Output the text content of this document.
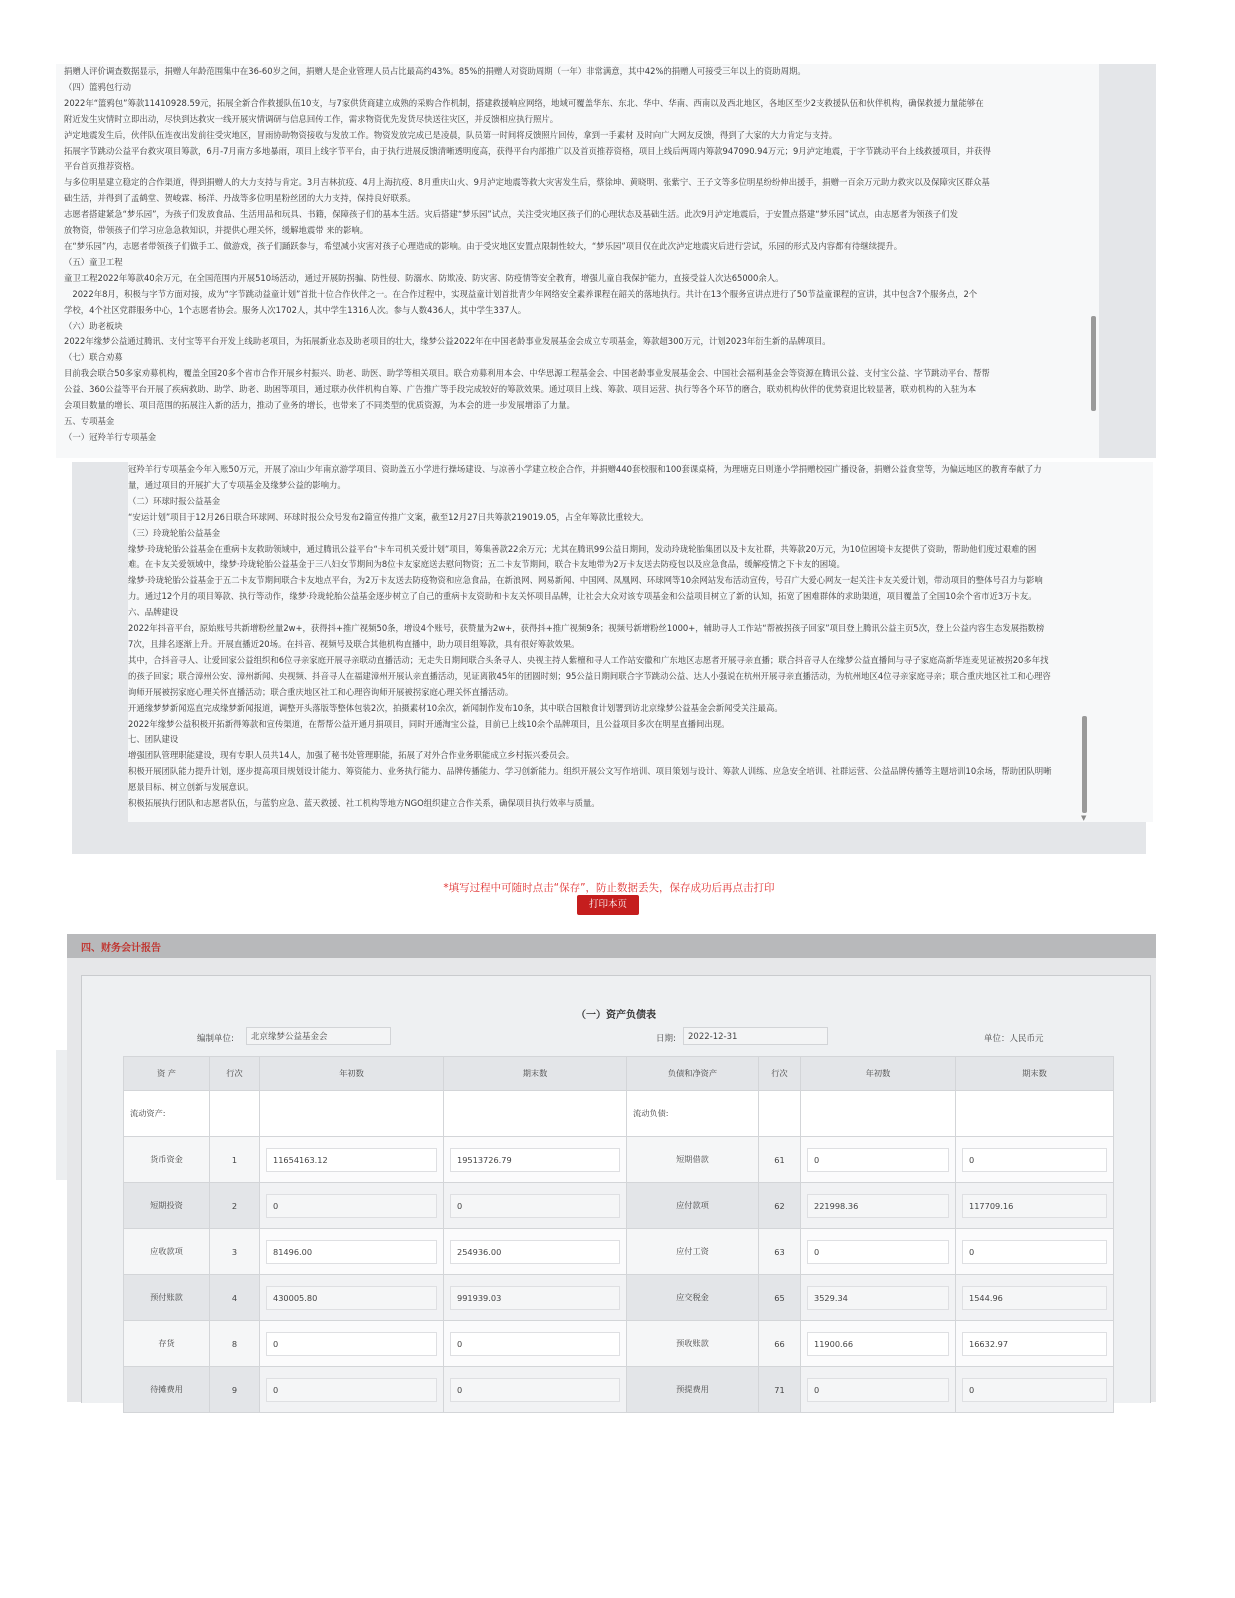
捐赠人评价调查数据显示，捐赠人年龄范围集中在36-60岁之间，捐赠人是企业管理人员占比最高约43%。85%的捐赠人对资助周期（一年）非常满意，其中42%的捐赠人可接受三年以上的资助周期。

（四）篮鸦包行动

2022年“篮鸦包”筹款11410928.59元，拓展全新合作救援队伍10支，与7家供货商建立成熟的采购合作机制，搭建救援响应网络，地域可覆盖华东、东北、华中、华南、西南以及西北地区，各地区至少2支救援队伍和伙伴机构，确保救援力量能够在

附近发生灾情时立即出动，尽快到达救灾一线开展灾情调研与信息回传工作，需求物资优先发货尽快送往灾区，并反馈相应执行照片。

泸定地震发生后，伙伴队伍连夜出发前往受灾地区，冒雨协助物资接收与发放工作。物资发放完成已是凌晨，队员第一时间将反馈照片回传，拿到一手素材 及时向广大网友反馈，得到了大家的大力肯定与支持。

拓展字节跳动公益平台救灾项目筹款，6月-7月南方多地暴雨，项目上线字节平台，由于执行进展反馈清晰透明度高，获得平台内部推广以及首页推荐资格，项目上线后两周内筹款947090.94万元；9月泸定地震，于字节跳动平台上线救援项目，并获得

平台首页推荐资格。

与多位明星建立稳定的合作渠道，得到捐赠人的大力支持与肯定。3月吉林抗疫、4月上海抗疫、8月重庆山火、9月泸定地震等救大灾害发生后，蔡徐坤、黄晓明、张紫宁、王子文等多位明星纷纷伸出援手，捐赠一百余万元助力救灾以及保障灾区群众基

础生活，并得到了孟鹤堂、贺峻霖、杨洋、丹战等多位明星粉丝团的大力支持，保持良好联系。

志愿者搭建紧急“梦乐园”，为孩子们发放食品、生活用品和玩具、书籍，保障孩子们的基本生活。灾后搭建“梦乐园”试点，关注受灾地区孩子们的心理状态及基础生活。此次9月泸定地震后，于安置点搭建“梦乐园”试点，由志愿者为领孩子们发

放物资，带领孩子们学习应急急救知识，并提供心理关怀，缓解地震带 来的影响。

在“梦乐园”内，志愿者带领孩子们做手工、做游戏，孩子们踊跃参与，希望减小灾害对孩子心理造成的影响。由于受灾地区安置点限制性较大，“梦乐园”项目仅在此次泸定地震灾后进行尝试，乐园的形式及内容都有待继续提升。

（五）童卫工程

童卫工程2022年筹款40余万元，在全国范围内开展510场活动，通过开展防拐骗、防性侵、防溺水、防欺凌、防灾害、防疫情等安全教育，增强儿童自我保护能力，直接受益人次达65000余人。

　2022年8月，积极与字节方面对接，成为“字节跳动益童计划”首批十位合作伙伴之一。在合作过程中，实现益童计划首批青少年网络安全素养课程在韶关的落地执行。共计在13个服务宣讲点进行了50节益童课程的宣讲，其中包含7个服务点，2个

学校，4个社区党群服务中心，1个志愿者协会。服务人次1702人，其中学生1316人次。参与人数436人，其中学生337人。

（六）助老板块

2022年缘梦公益通过腾讯、支付宝等平台开发上线助老项目，为拓展新业态及助老项目的壮大，缘梦公益2022年在中国老龄事业发展基金会成立专项基金，筹款超300万元，计划2023年衍生新的品牌项目。

（七）联合劝募

目前我会联合50多家劝募机构，覆盖全国20多个省市合作开展乡村振兴、助老、助医、助学等相关项目。联合劝募利用本会、中华思源工程基金会、中国老龄事业发展基金会、中国社会福利基金会等资源在腾讯公益、支付宝公益、字节跳动平台、帮帮

公益、360公益等平台开展了疾病救助、助学、助老、助困等项目，通过联办伙伴机构自筹、广告推广等手段完成较好的筹款效果。通过项目上线、筹款、项目运营、执行等各个环节的磨合，联劝机构伙伴的优势衰退比较显著，联劝机构的入驻为本

会项目数量的增长、项目范围的拓展注入新的活力，推动了业务的增长，也带来了不同类型的优质资源，为本会的进一步发展增添了力量。

五、专项基金

（一）冠羚羊行专项基金

冠羚羊行专项基金今年入账50万元，开展了凉山少年南京游学项目、资助盖五小学进行操场建设、与凉善小学建立校企合作，并捐赠440套校服和100套课桌椅，为理塘克日则逢小学捐赠校园广播设备，捐赠公益食堂等，为偏远地区的教育奉献了力

量，通过项目的开展扩大了专项基金及缘梦公益的影响力。

（二）环球时报公益基金

“安运计划”项目于12月26日联合环球网、环球时报公众号发布2篇宣传推广文案，截至12月27日共筹款219019.05，占全年筹款比重较大。

（三）玲珑轮胎公益基金

缘梦·玲珑轮胎公益基金在重病卡友救助领域中，通过腾讯公益平台“卡车司机关爱计划”项目，筹集善款22余万元；尤其在腾讯99公益日期间，发动玲珑轮胎集团以及卡友社群，共筹款20万元，为10位困境卡友提供了资助，帮助他们度过艰难的困

难。在卡友关爱领域中，缘梦·玲珑轮胎公益基金于三八妇女节期间为8位卡友家庭送去慰问物资；五二卡友节期间，联合卡友地带为2万卡友送去防疫包以及应急食品，缓解疫情之下卡友的困境。

缘梦·玲珑轮胎公益基金于五二卡友节期间联合卡友地点平台，为2万卡友送去防疫物资和应急食品，在新浪网、网易新闻、中国网、凤凰网、环球网等10余网站发布活动宣传，号召广大爱心网友一起关注卡友关爱计划，带动项目的整体号召力与影响

力。通过12个月的项目筹款、执行等动作，缘梦·玲珑轮胎公益基金逐步树立了自己的重病卡友资助和卡友关怀项目品牌，让社会大众对该专项基金和公益项目树立了新的认知，拓宽了困难群体的求助渠道，项目覆盖了全国10余个省市近3万卡友。

六、品牌建设

2022年抖音平台，原始账号共新增粉丝量2w+，获得抖+推广视频50条，增设4个账号，获赞量为2w+，获得抖+推广视频9条；视频号新增粉丝1000+，辅助寻人工作站“帮被拐孩子回家”项目登上腾讯公益主页5次，登上公益内容生态发展指数榜

7次，且排名逐渐上升。开展直播近20场。在抖音、视频号及联合其他机构直播中，助力项目组筹款，具有很好筹款效果。

其中，合抖音寻人、让爱回家公益组织和6位寻亲家庭开展寻亲联动直播活动；无走失日期间联合头条寻人、央视主持人紫檀和寻人工作站安徽和广东地区志愿者开展寻亲直播；联合抖音寻人在缘梦公益直播间与寻子家庭高新华连麦见证被拐20多年找

的孩子回家；联合漳州公安、漳州新闻、央视频、抖音寻人在福建漳州开展认亲直播活动，见证离散45年的团圆时刻；95公益日期间联合字节跳动公益、达人小强说在杭州开展寻亲直播活动，为杭州地区4位寻亲家庭寻亲；联合重庆地区社工和心理咨

询师开展被拐家庭心理关怀直播活动；联合重庆地区社工和心理咨询师开展被拐家庭心理关怀直播活动。

开通缘梦梦新闻巡直完成缘梦新闻报道，调整开头落版等整体包装2次，拍摄素材10余次，新闻制作发布10条，其中联合国粮食计划署到访北京缘梦公益基金会新闻受关注最高。

2022年缘梦公益积极开拓新得筹款和宣传渠道，在帮帮公益开通月捐项目，同时开通淘宝公益，目前已上线10余个品牌项目，且公益项目多次在明星直播间出现。

七、团队建设

增强团队管理职能建设，现有专职人员共14人，加强了秘书处管理职能，拓展了对外合作业务职能成立乡村振兴委员会。

积极开展团队能力提升计划，逐步提高项目规划设计能力、筹资能力、业务执行能力、品牌传播能力、学习创新能力。组织开展公文写作培训、项目策划与设计、筹款人训练、应急安全培训、社群运营、公益品牌传播等主题培训10余场，帮助团队明晰

愿景目标、树立创新与发展意识。

积极拓展执行团队和志愿者队伍，与蓝豹应急、蓝天救援、社工机构等地方NGO组织建立合作关系，确保项目执行效率与质量。

▼
*填写过程中可随时点击“保存”，防止数据丢失，保存成功后再点击打印
打印本页
四、财务会计报告
（一）资产负债表
编制单位:	北京缘梦公益基金会	日期:	2022-12-31	单位：人民币元
资 产	行次	年初数	期末数	负债和净资产	行次	年初数	期末数
流动资产:				流动负债:			
货币资金	1	11654163.12	19513726.79	短期借款	61	0	0

短期投资	2	0	0	应付款项	62	221998.36	117709.16

应收款项	3	81496.00	254936.00	应付工资	63	0	0

预付账款	4	430005.80	991939.03	应交税金	65	3529.34	1544.96

存货	8	0	0	预收账款	66	11900.66	16632.97

待摊费用	9	0	0	预提费用	71	0	0
